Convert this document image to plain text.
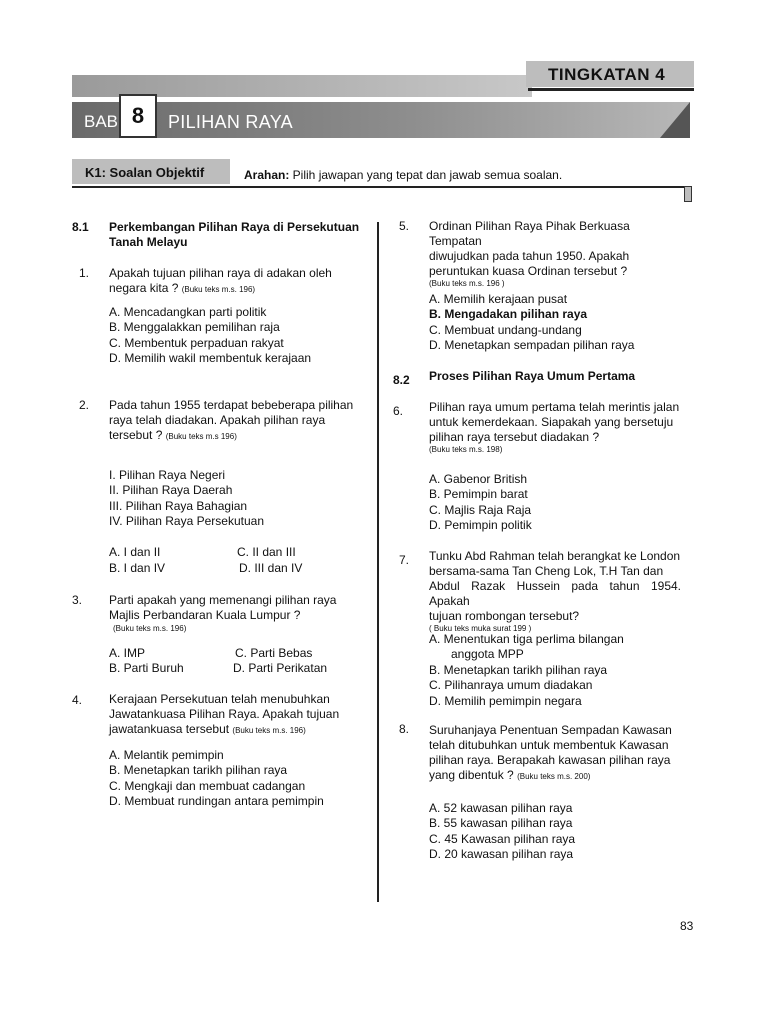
TINGKATAN 4
BAB 8	PILIHAN RAYA
K1: Soalan Objektif	Arahan: Pilih jawapan yang tepat dan jawab semua soalan.
8.1 Perkembangan Pilihan Raya di Persekutuan
Tanah Melayu
1. Apakah tujuan pilihan raya di adakan oleh
negara kita ? (Buku teks m.s. 196)
A. Mencadangkan parti politik
B. Menggalakkan pemilihan raja
C. Membentuk perpaduan rakyat
D. Memilih wakil membentuk kerajaan
2. Pada tahun 1955 terdapat bebeberapa pilihan
raya telah diadakan. Apakah pilihan raya
tersebut ? (Buku teks m.s 196)
I. Pilihan Raya Negeri
II. Pilihan Raya Daerah
III. Pilihan Raya Bahagian
IV. Pilihan Raya Persekutuan
A. I dan II	C. II dan III
B. I dan IV	D. III dan IV
3. Parti apakah yang memenangi pilihan raya
Majlis Perbandaran Kuala Lumpur ?
(Buku teks m.s. 196)
A. IMP	C. Parti Bebas
B. Parti Buruh	D. Parti Perikatan
4. Kerajaan Persekutuan telah menubuhkan
Jawatankuasa Pilihan Raya. Apakah tujuan
jawatankuasa tersebut (Buku teks m.s. 196)
A. Melantik pemimpin
B. Menetapkan tarikh pilihan raya
C. Mengkaji dan membuat cadangan
D. Membuat rundingan antara pemimpin
5. Ordinan Pilihan Raya Pihak Berkuasa Tempatan
diwujudkan pada tahun 1950. Apakah
peruntukan kuasa Ordinan tersebut ?
(Buku teks m.s. 196 )
A. Memilih kerajaan pusat
B. Mengadakan pilihan raya
C. Membuat undang-undang
D. Menetapkan sempadan pilihan raya
8.2 Proses Pilihan Raya Umum Pertama
6. Pilihan raya umum pertama telah merintis jalan
untuk kemerdekaan. Siapakah yang bersetuju
pilihan raya tersebut diadakan ?
(Buku teks m.s. 198)
A. Gabenor British
B. Pemimpin barat
C. Majlis Raja Raja
D. Pemimpin politik
7. Tunku Abd Rahman telah berangkat ke London
bersama-sama Tan Cheng Lok, T.H Tan dan
Abdul Razak Hussein pada tahun 1954. Apakah
tujuan rombongan tersebut?
( Buku teks muka surat 199 )
A. Menentukan tiga perlima bilangan
anggota MPP
B. Menetapkan tarikh pilihan raya
C. Pilihanraya umum diadakan
D. Memilih pemimpin negara
8. Suruhanjaya Penentuan Sempadan Kawasan
telah ditubuhkan untuk membentuk Kawasan
pilihan raya. Berapakah kawasan pilihan raya
yang dibentuk ? (Buku teks m.s. 200)
A. 52 kawasan pilihan raya
B. 55 kawasan pilihan raya
C. 45 Kawasan pilihan raya
D. 20 kawasan pilihan raya
83
